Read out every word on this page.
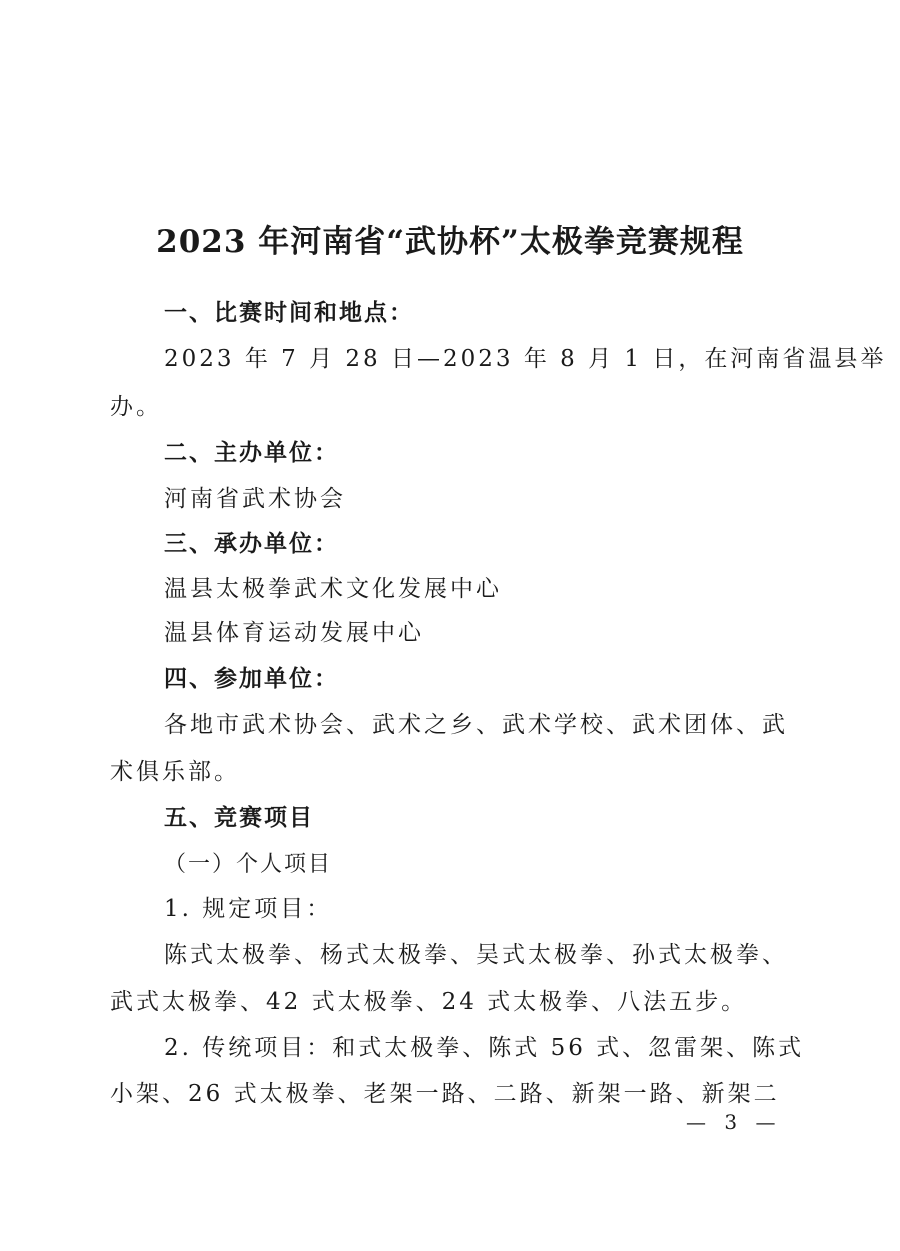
2023 年河南省“武协杯”太极拳竞赛规程
一、比赛时间和地点：
2023 年 7 月 28 日—2023 年 8 月 1 日，在河南省温县举
办。
二、主办单位：
河南省武术协会
三、承办单位：
温县太极拳武术文化发展中心
温县体育运动发展中心
四、参加单位：
各地市武术协会、武术之乡、武术学校、武术团体、武
术俱乐部。
五、竞赛项目
（一）个人项目
1. 规定项目：
陈式太极拳、杨式太极拳、吴式太极拳、孙式太极拳、
武式太极拳、42 式太极拳、24 式太极拳、八法五步。
2. 传统项目：和式太极拳、陈式 56 式、忽雷架、陈式
小架、26 式太极拳、老架一路、二路、新架一路、新架二
— 3 —
